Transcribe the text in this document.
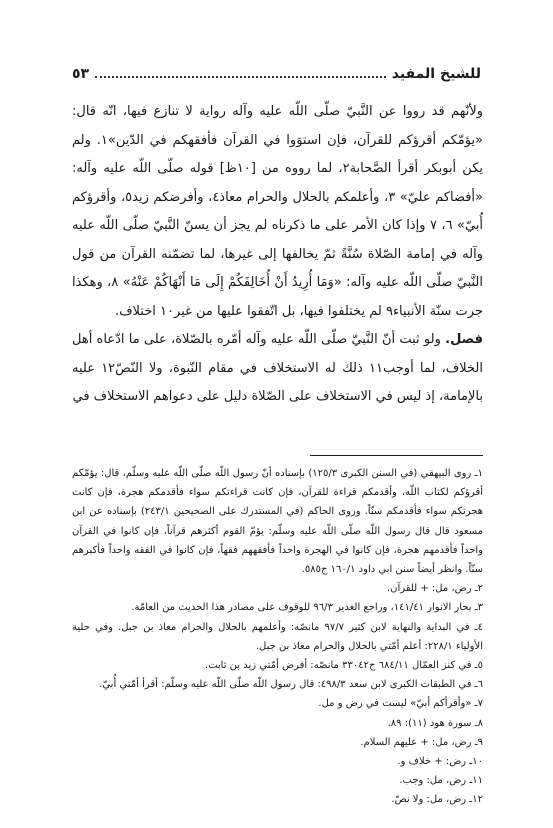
للشيخ المفيد
٥٣

ولأنّهم قد رووا عن النَّبيّ صلّى اللّه عليه وآله رواية لا تنازع فيها، انّه قال: «يؤمّكم أقرؤكم للقرآن، فإن استوَوا في القرآن فأفقهكم في الدّين»١. ولم يكن أبوبكر أقرأ الصَّحابة٢، لما رووه من [١٠ظ] قوله صلّى اللّه عليه وآله: «أفضاكم عليّ» ٣، وأعلمكم بالحلال والحرام معاذ٤، وأفرضكم زيد٥، وأقرؤكم أُبيّ» ٦، ٧ وإذا كان الأمر على ما ذكرناه لم يجز أن يسنّ النَّبيّ صلّى اللّه عليه وآله في إمامة الصّلاة سُنَّةً ثمّ يخالفها إلى غيرها، لما تضمّنه القرآن من قول النَّبيّ صلّى اللّه عليه وآله: «وَمَا أُرِيدُ أَنْ أُخَالِفَكُمْ إِلَى مَا أَنْهَاكُمْ عَنْهُ» ٨، وهكذا جرت سنّة الأنبياء٩ لم يختلفوا فيها، بل اتّفقوا عليها من غير١٠ اختلاف.

فصل. ولو ثبت أنّ النَّبيّ صلّى اللّه عليه وآله أمّره بالصّلاة، على ما ادّعاه أهل الخلاف، لما أوجب١١ ذلك له الاستخلاف في مقام النّبوة، ولا النّصّ١٢ عليه بالإمامة، إذ ليس في الاستخلاف على الصّلاة دليل على دعواهم الاستخلاف في

١ـ روى البيهقي (في السنن الكبرى ١٢٥/٣) بإسناده أنّ رسول اللّه صلّى اللّه عليه وسلّم، قال: يؤمّكم أقرؤكم لكتاب اللّه، وأقدمكم قراءة للقرآن، فإن كانت قراءتكم سواء فأقدمكم هجرة، فإن كانت هجرتكم سواء فأقدمكم سنّاً. وروى الحاكم (في المستدرك على الصحيحين ٢٤٣/١) بإسناده عن ابن مسعود قال قال رسول اللّه صلّى اللّه عليه وسلّم: يؤمّ القوم أكثرهم قرآناً، فإن كانوا في القرآن واحداً فأقدمهم هجرة، فإن كانوا في الهجرة واحداً فأفقههم فقهاً، فإن كانوا في الفقه واحداً فأكبرهم سنّاً. وانظر أيضاً سنن ابي داود ١٦٠/١ ح٥٨٥.

٢ـ رض، مل: + للقرآن.

٣ـ بحار الانوار ١٤١/٤١، وراجع الغدير ٩٦/٣ للوقوف على مصادر هذا الحديث من العامّة.

٤ـ في البداية والنهاية لابن كثير ٩٧/٧ مانصّه: وأعلمهم بالحلال والحرام معاذ بن جبل. وفي حلية الأولياء ٢٢٨/١: أعلم أمّتي بالحلال والحرام معاذ بن جبل.

٥ـ في كنز العمّال ٦٨٤/١١ ح٣٣٠٤٢ مانصّه: أفرض أمّتي زيد بن ثابت.

٦ـ في الطبقات الكبرى لابن سعد ٤٩٨/٣: قال رسول اللّه صلّى اللّه عليه وسلّم: أقرأ أمّتي أُبيّ.

٧ـ «وأقرأكم أبيّ» ليست في رض و مل.

٨ـ سورة هود (١١): ٨٩.

٩ـ رض، مل: + عليهم السلام.

١٠ـ رض: + خلاف و.

١١ـ رض، مل: وجب.

١٢ـ رض، مل: ولا نصّ.
